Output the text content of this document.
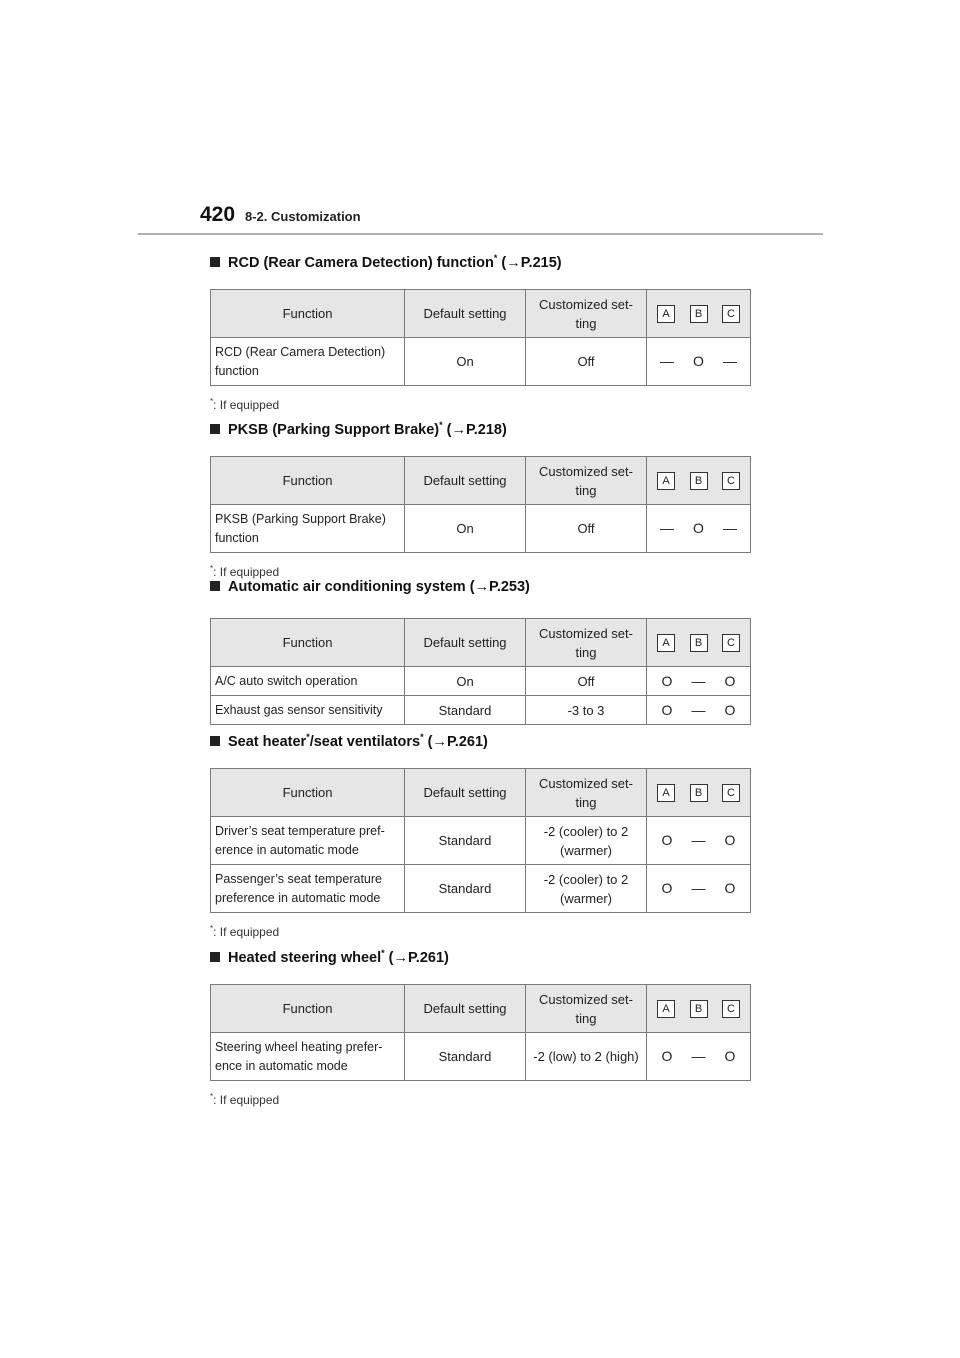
420 8-2. Customization
RCD (Rear Camera Detection) function* (→P.215)
Function	Default setting	Customized set-ting	A B C

RCD (Rear Camera Detection) function	On	Off	— O —
*: If equipped
PKSB (Parking Support Brake)* (→P.218)
Function	Default setting	Customized set-ting	A B C

PKSB (Parking Support Brake) function	On	Off	— O —
*: If equipped
Automatic air conditioning system (→P.253)
Function	Default setting	Customized set-ting	A B C

A/C auto switch operation	On	Off	O — O

Exhaust gas sensor sensitivity	Standard	-3 to 3	O — O
Seat heater*/seat ventilators* (→P.261)
Function	Default setting	Customized set-ting	A B C

Driver’s seat temperature pref-erence in automatic mode	Standard	-2 (cooler) to 2 (warmer)	O — O

Passenger’s seat temperature preference in automatic mode	Standard	-2 (cooler) to 2 (warmer)	O — O
*: If equipped
Heated steering wheel* (→P.261)
Function	Default setting	Customized set-ting	A B C

Steering wheel heating prefer-ence in automatic mode	Standard	-2 (low) to 2 (high)	O — O
*: If equipped
